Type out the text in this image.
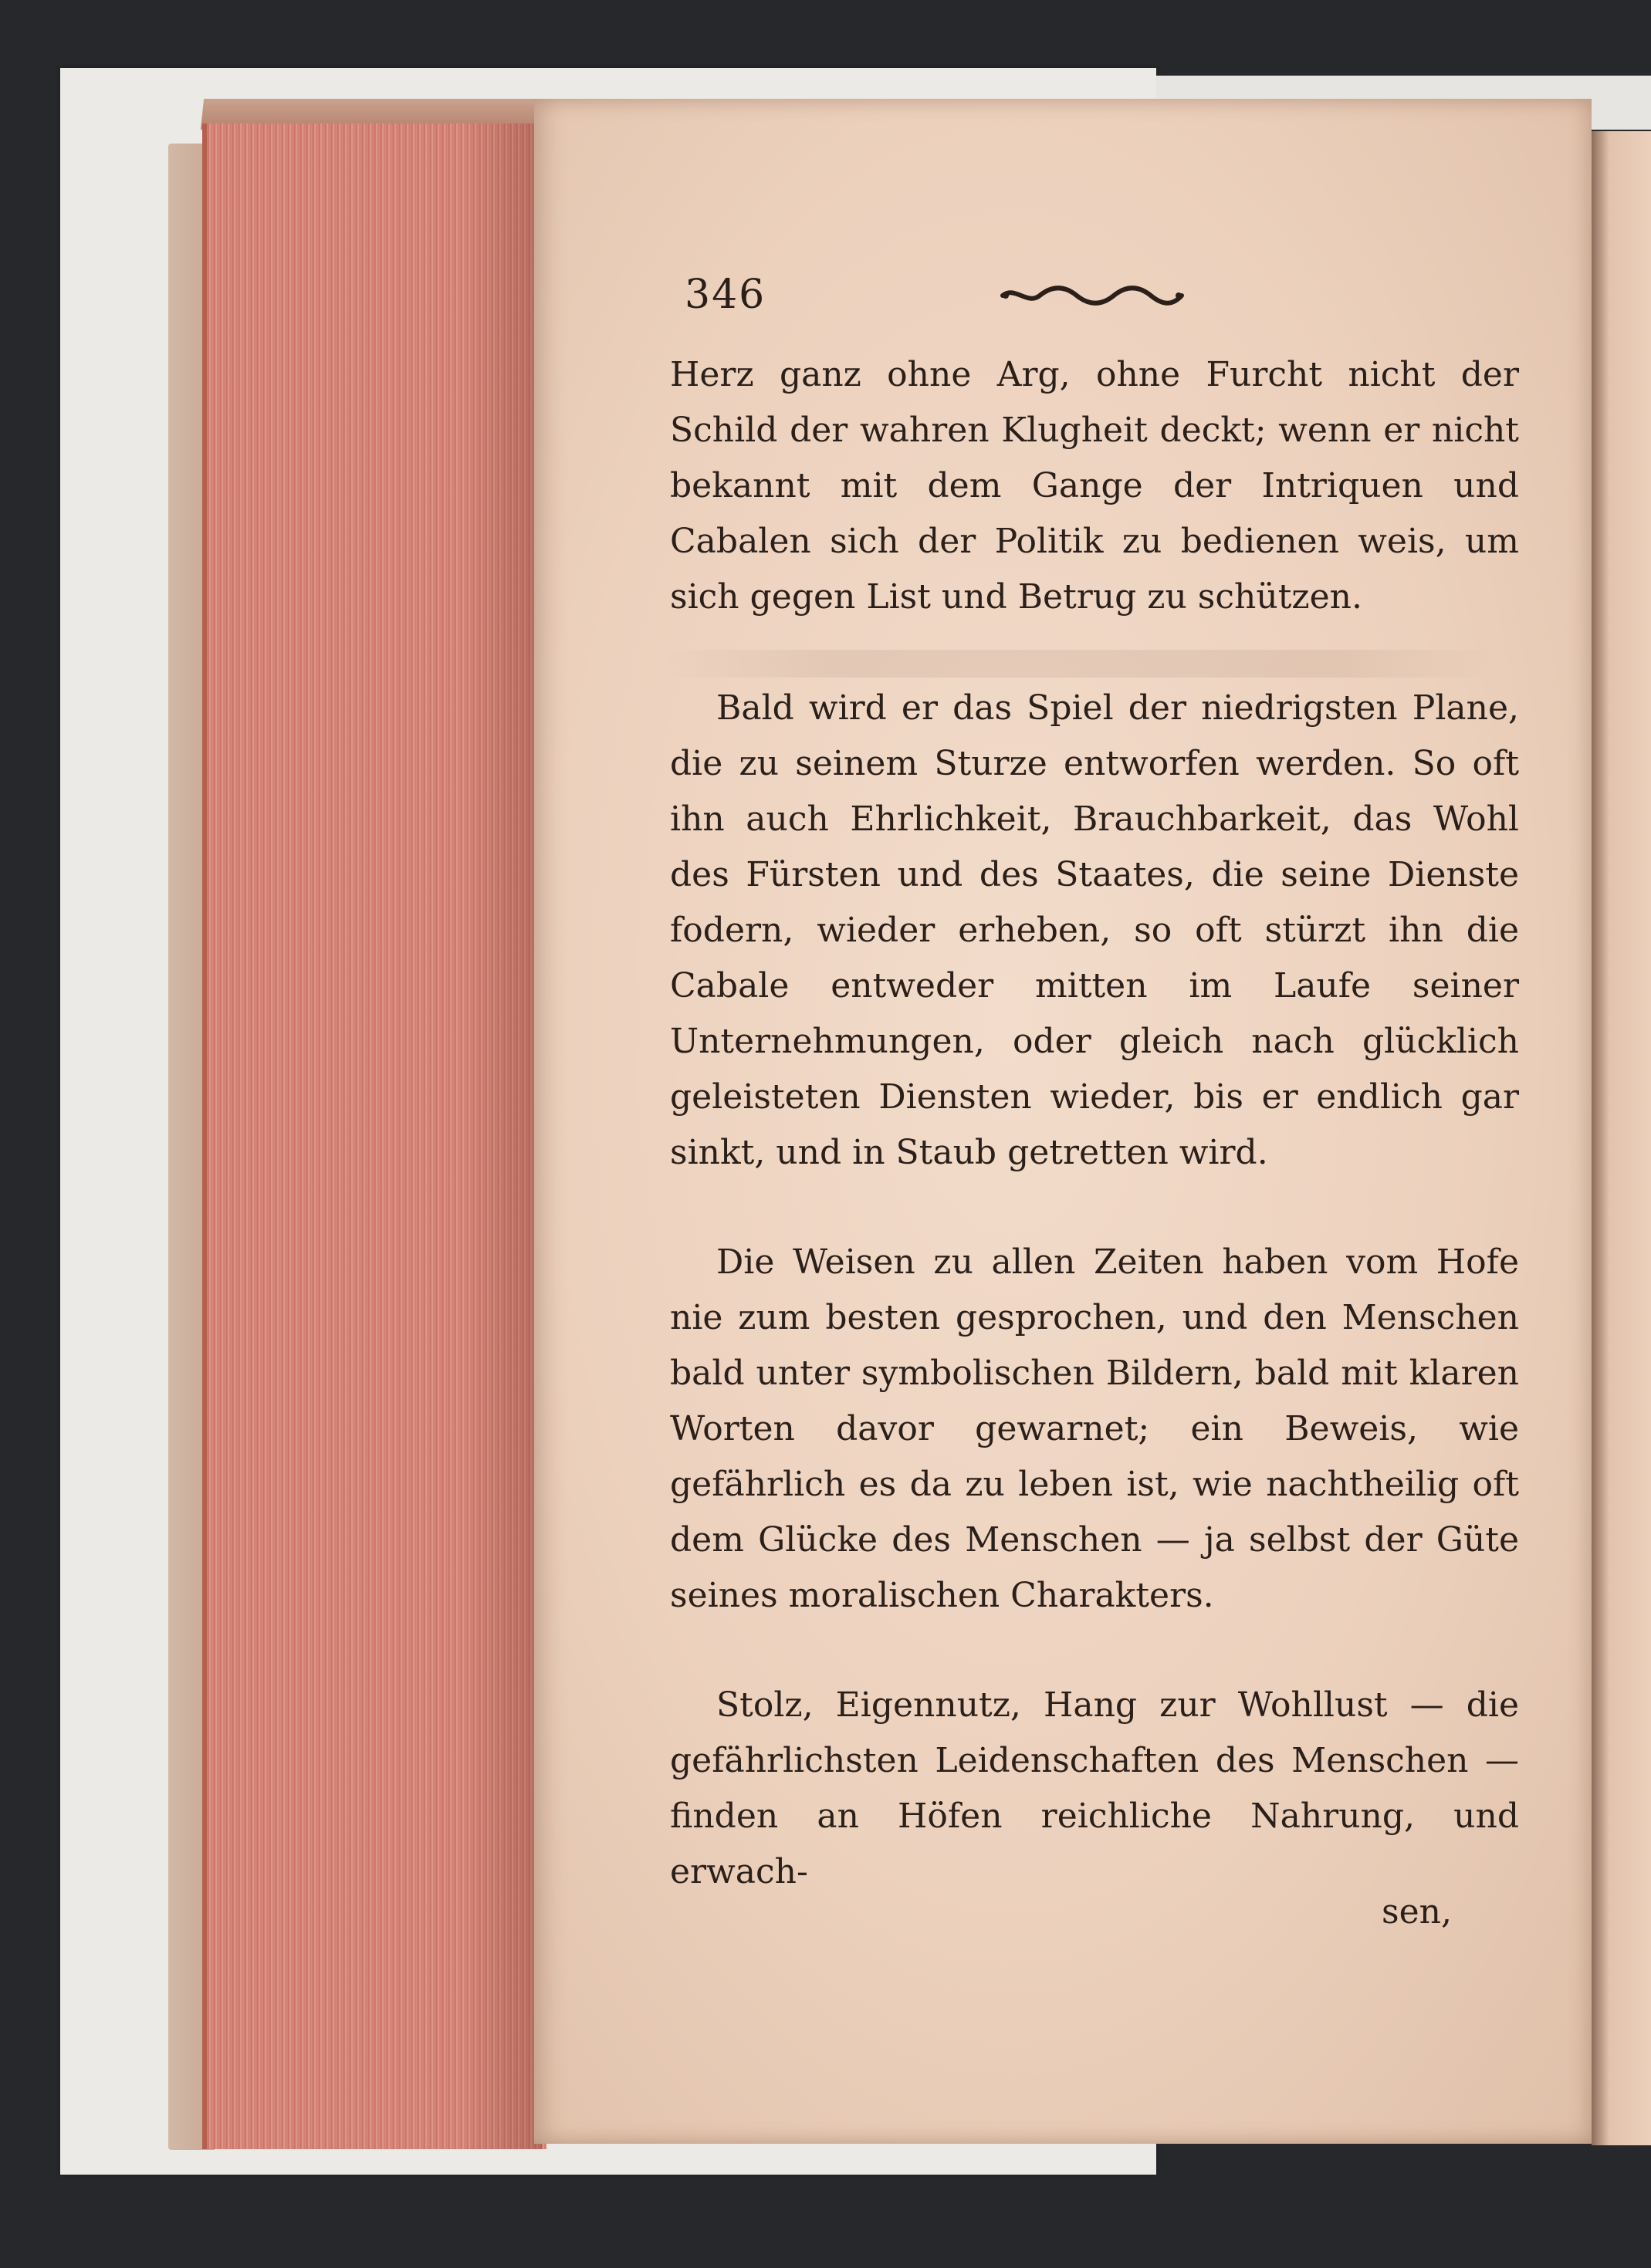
346

Herz ganz ohne Arg, ohne Furcht nicht der Schild der wahren Klugheit deckt; wenn er nicht bekannt mit dem Gange der Intriquen und Cabalen sich der Politik zu bedienen weis, um sich gegen List und Betrug zu schützen.

Bald wird er das Spiel der niedrigsten Plane, die zu seinem Sturze entworfen werden. So oft ihn auch Ehrlichkeit, Brauchbarkeit, das Wohl des Fürsten und des Staates, die seine Dienste fodern, wieder erheben, so oft stürzt ihn die Cabale entweder mitten im Laufe seiner Unternehmungen, oder gleich nach glücklich geleisteten Diensten wieder, bis er endlich gar sinkt, und in Staub getretten wird.

Die Weisen zu allen Zeiten haben vom Hofe nie zum besten gesprochen, und den Menschen bald unter symbolischen Bildern, bald mit klaren Worten davor gewarnet; ein Beweis, wie gefährlich es da zu leben ist, wie nachtheilig oft dem Glücke des Menschen — ja selbst der Güte seines moralischen Charakters.

Stolz, Eigennutz, Hang zur Wohllust — die gefährlichsten Leidenschaften des Menschen — finden an Höfen reichliche Nahrung, und erwach-

sen,
